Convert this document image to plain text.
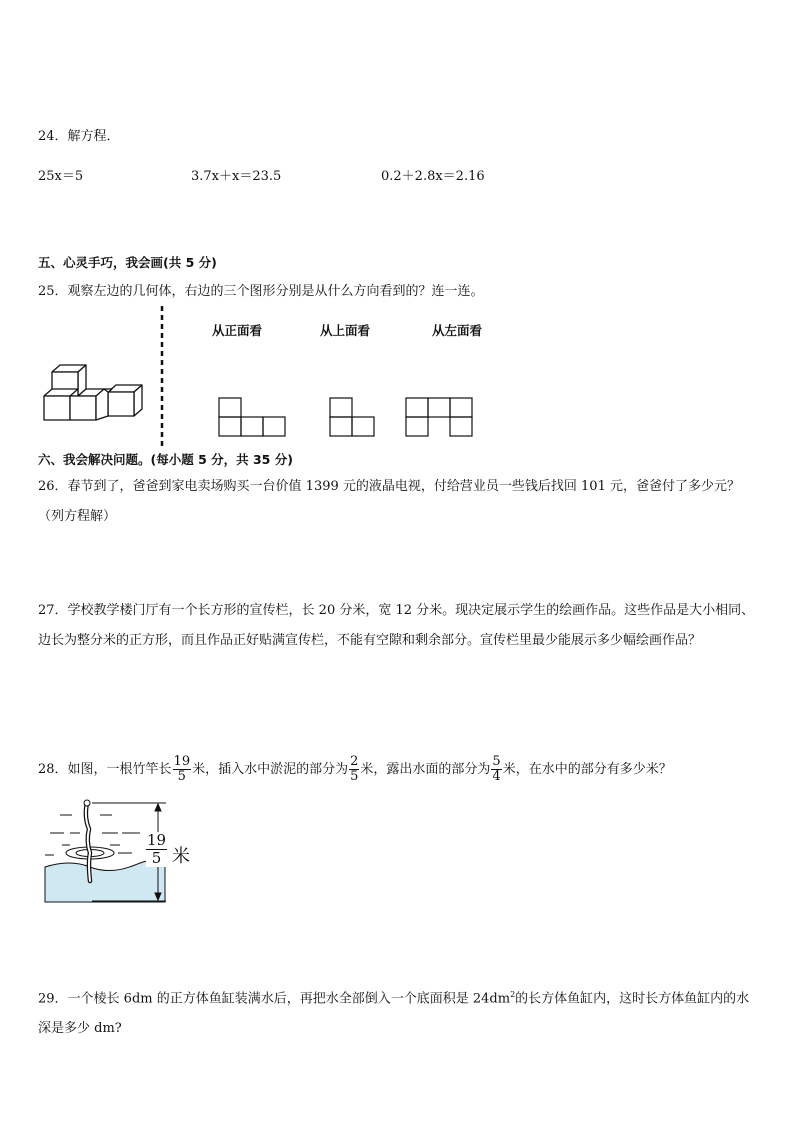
24．解方程．
25x＝5	3.7x＋x＝23.5	0.2＋2.8x＝2.16
五、心灵手巧，我会画(共 5 分)
25．观察左边的几何体，右边的三个图形分别是从什么方向看到的？连一连。
从正面看	从上面看	从左面看
六、我会解决问题。(每小题 5 分，共 35 分)
26．春节到了，爸爸到家电卖场购买一台价值 1399 元的液晶电视，付给营业员一些钱后找回 101 元，爸爸付了多少元？（列方程解）
27．学校教学楼门厅有一个长方形的宣传栏，长 20 分米，宽 12 分米。现决定展示学生的绘画作品。这些作品是大小相同、边长为整分米的正方形，而且作品正好贴满宣传栏，不能有空隙和剩余部分。宣传栏里最少能展示多少幅绘画作品？
28．如图，一根竹竿长 $\frac{19}{5}$ 米，插入水中淤泥的部分为 $\frac{2}{5}$ 米，露出水面的部分为 $\frac{5}{4}$ 米，在水中的部分有多少米？
$\frac{19}{5}$ 米
29．一个棱长 6dm 的正方体鱼缸装满水后，再把水全部倒入一个底面积是 $24dm^2$的长方体鱼缸内，这时长方体鱼缸内的水深是多少 dm?
